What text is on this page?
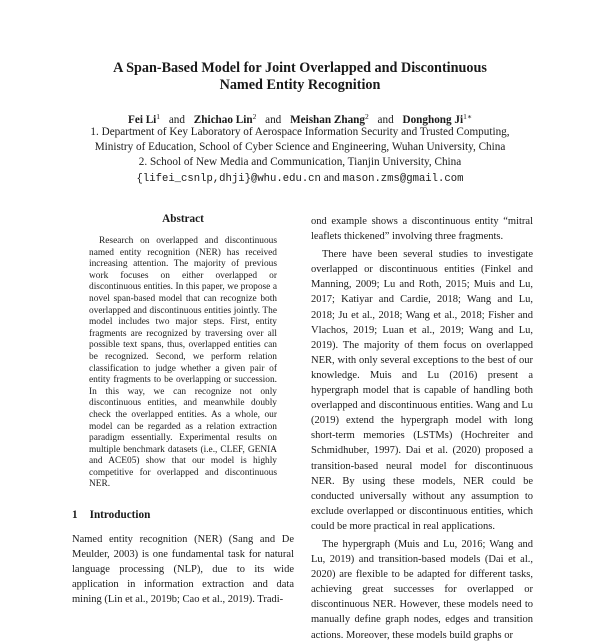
A Span-Based Model for Joint Overlapped and Discontinuous
Named Entity Recognition
Fei Li$^1$ and Zhichao Lin$^2$ and Meishan Zhang$^2$ and Donghong $Ji^{1∗}$
1. Department of Key Laboratory of Aerospace Information Security and Trusted Computing,
Ministry of Education, School of Cyber Science and Engineering, Wuhan University, China
2. School of New Media and Communication, Tianjin University, China
{lifei_csnlp,dhji}@whu.edu.cn and mason.zms@gmail.com
Abstract

Research on overlapped and discontinuous named entity recognition (NER) has received increasing attention. The majority of previous work focuses on either overlapped or discontinuous entities. In this paper, we propose a novel span-based model that can recognize both overlapped and discontinuous entities jointly. The model includes two major steps. First, entity fragments are recognized by traversing over all possible text spans, thus, overlapped entities can be recognized. Second, we perform relation classification to judge whether a given pair of entity fragments to be overlapping or succession. In this way, we can recognize not only discontinuous entities, and meanwhile doubly check the overlapped entities. As a whole, our model can be regarded as a relation extraction paradigm essentially. Experimental results on multiple benchmark datasets (i.e., CLEF, GENIA and ACE05) show that our model is highly competitive for overlapped and discontinuous NER.

1 Introduction

Named entity recognition (NER) (Sang and De Meulder, 2003) is one fundamental task for natural language processing (NLP), due to its wide application in information extraction and data mining (Lin et al., 2019b; Cao et al., 2019). Tradi-

ond example shows a discontinuous entity “mitral leaflets thickened” involving three fragments.

There have been several studies to investigate overlapped or discontinuous entities (Finkel and Manning, 2009; Lu and Roth, 2015; Muis and Lu, 2017; Katiyar and Cardie, 2018; Wang and Lu, 2018; Ju et al., 2018; Wang et al., 2018; Fisher and Vlachos, 2019; Luan et al., 2019; Wang and Lu, 2019). The majority of them focus on overlapped NER, with only several exceptions to the best of our knowledge. Muis and Lu (2016) present a hypergraph model that is capable of handling both overlapped and discontinuous entities. Wang and Lu (2019) extend the hypergraph model with long short-term memories (LSTMs) (Hochreiter and Schmidhuber, 1997). Dai et al. (2020) proposed a transition-based neural model for discontinuous NER. By using these models, NER could be conducted universally without any assumption to exclude overlapped or discontinuous entities, which could be more practical in real applications.

The hypergraph (Muis and Lu, 2016; Wang and Lu, 2019) and transition-based models (Dai et al., 2020) are flexible to be adapted for different tasks, achieving great successes for overlapped or discontinuous NER. However, these models need to manually define graph nodes, edges and transition actions. Moreover, these models build graphs or
